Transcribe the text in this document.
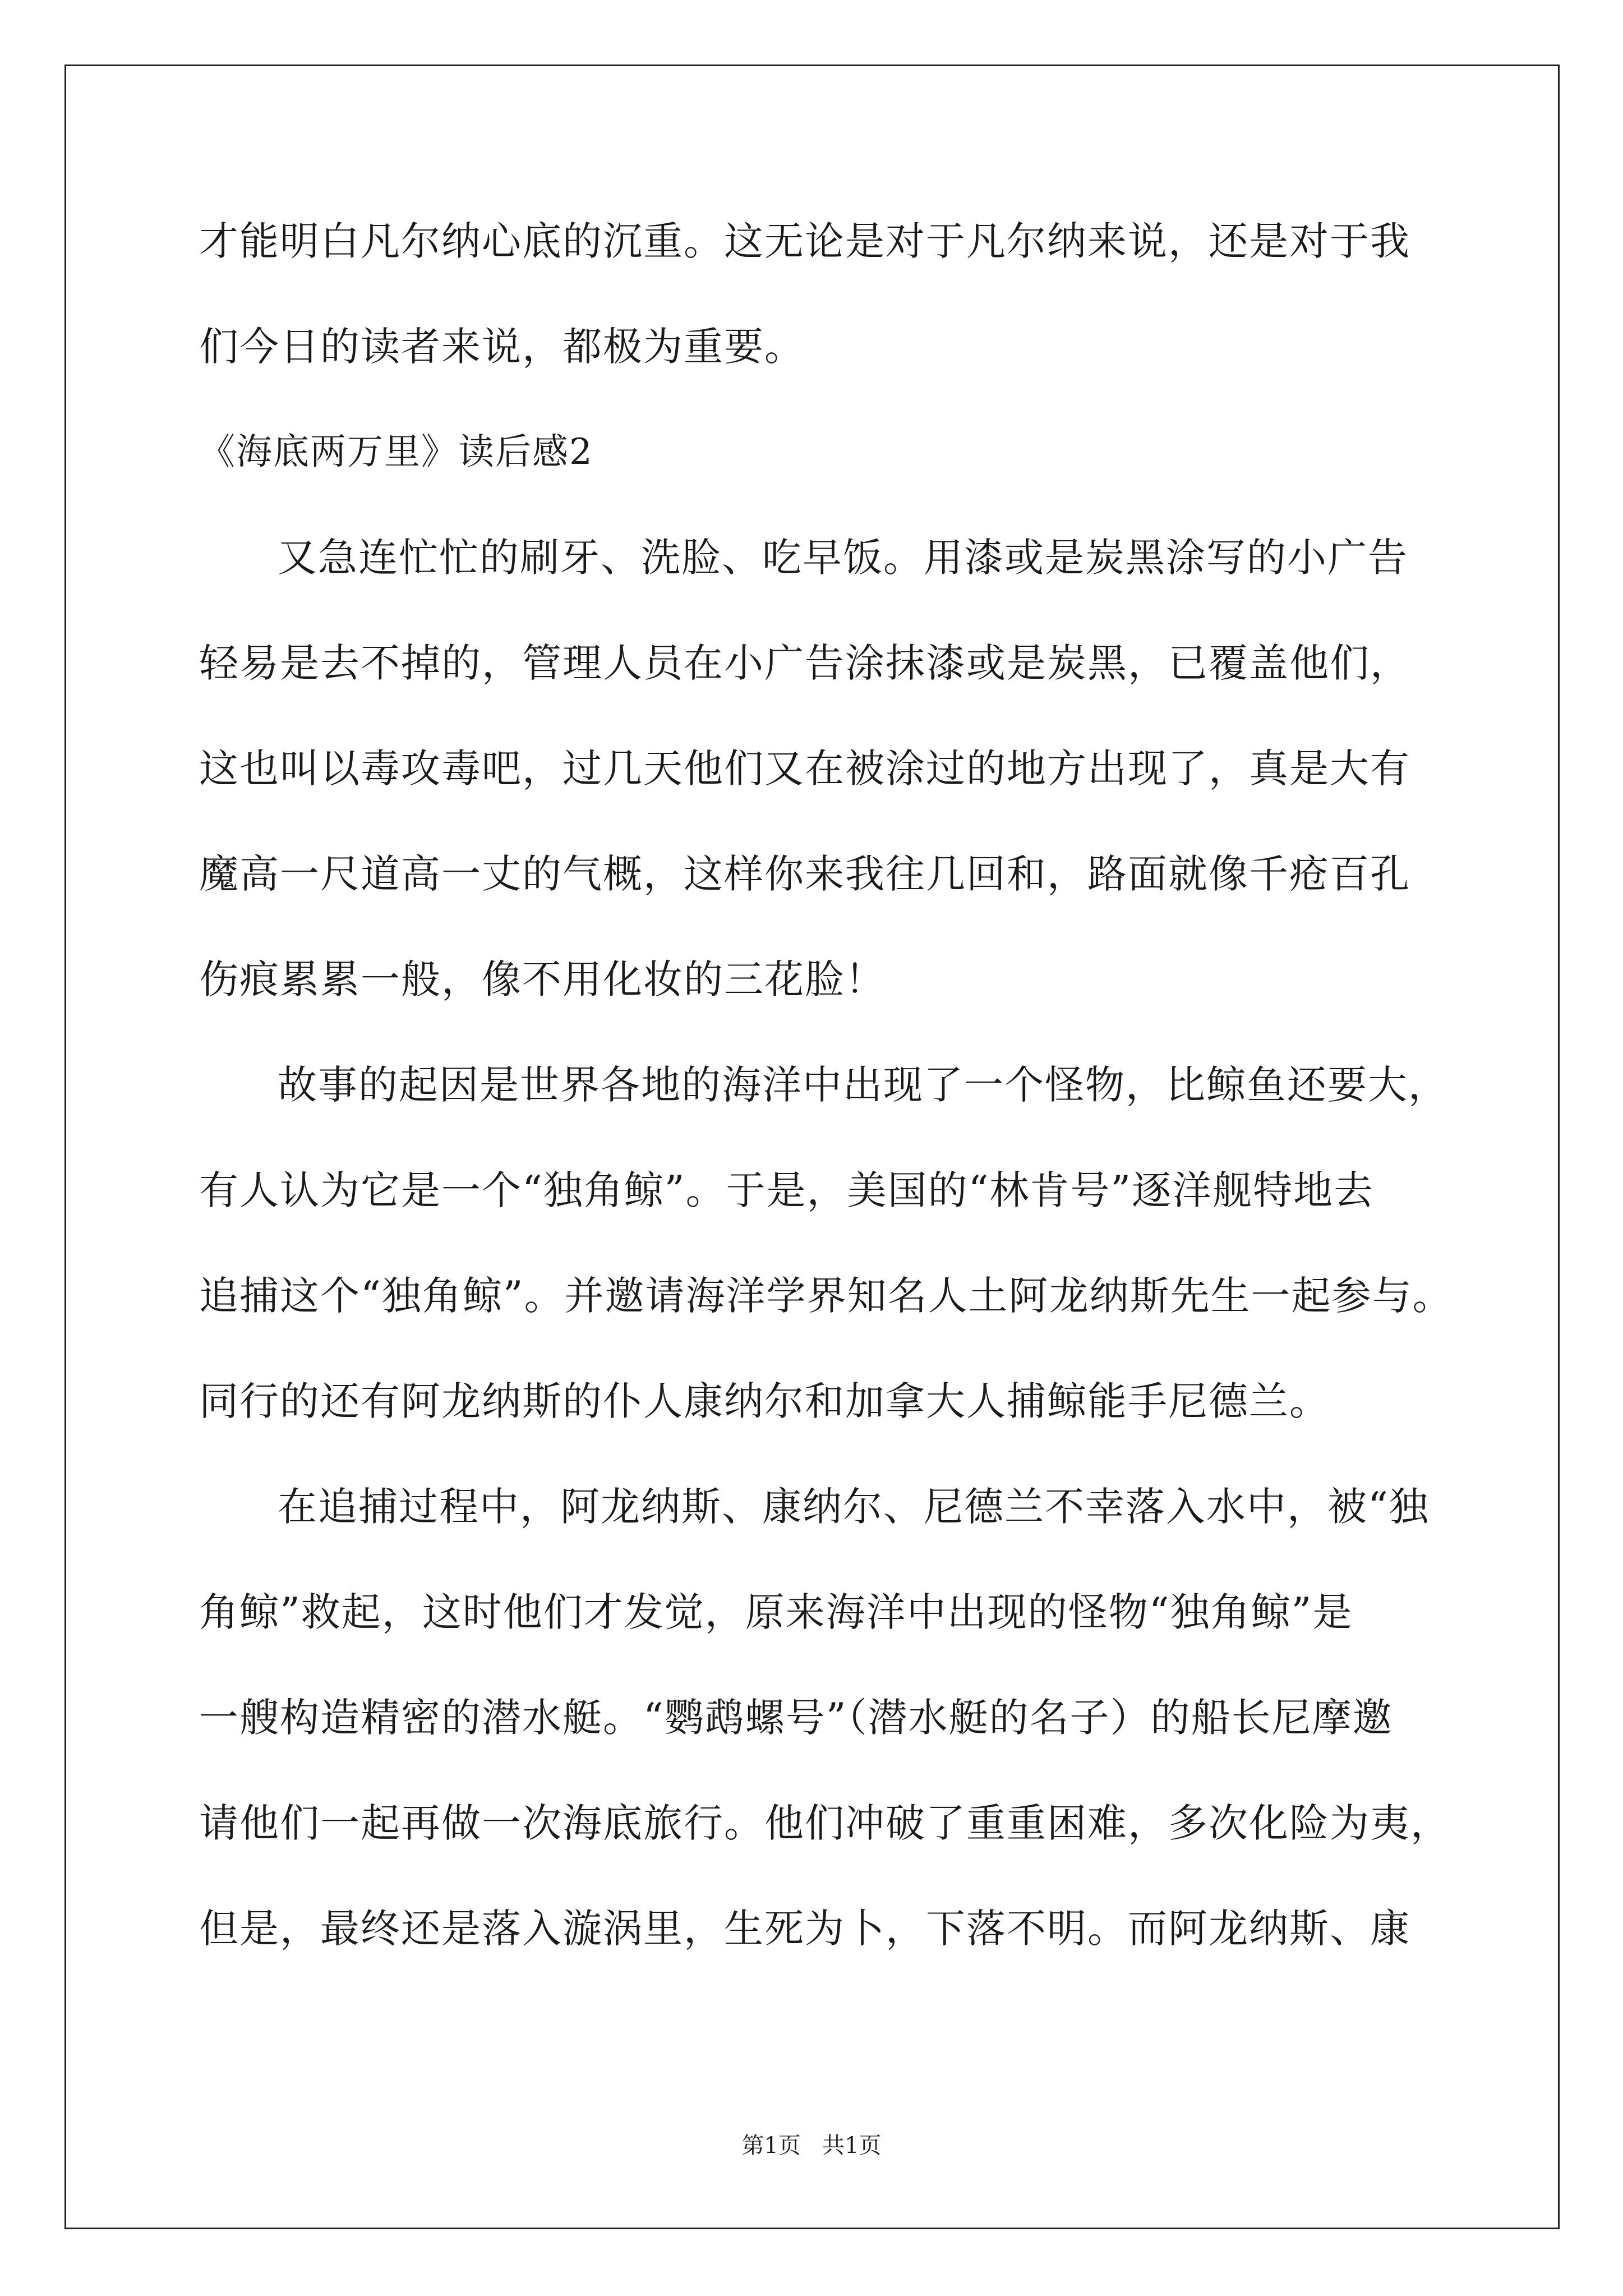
才能明白凡尔纳心底的沉重。这无论是对于凡尔纳来说，还是对于我
们今日的读者来说，都极为重要。
《海底两万里》读后感2
又急连忙忙的刷牙、洗脸、吃早饭。用漆或是炭黑涂写的小广告
轻易是去不掉的，管理人员在小广告涂抹漆或是炭黑，已覆盖他们，
这也叫以毒攻毒吧，过几天他们又在被涂过的地方出现了，真是大有
魔高一尺道高一丈的气概，这样你来我往几回和，路面就像千疮百孔
伤痕累累一般，像不用化妆的三花脸！
故事的起因是世界各地的海洋中出现了一个怪物，比鲸鱼还要大，
有人认为它是一个“独角鲸”。于是，美国的“林肯号”逐洋舰特地去
追捕这个“独角鲸”。并邀请海洋学界知名人土阿龙纳斯先生一起参与。
同行的还有阿龙纳斯的仆人康纳尔和加拿大人捕鲸能手尼德兰。
在追捕过程中，阿龙纳斯、康纳尔、尼德兰不幸落入水中，被“独
角鲸”救起，这时他们才发觉，原来海洋中出现的怪物“独角鲸”是
一艘构造精密的潜水艇。“鹦鹉螺号”（潜水艇的名子）的船长尼摩邀
请他们一起再做一次海底旅行。他们冲破了重重困难，多次化险为夷，
但是，最终还是落入漩涡里，生死为卜，下落不明。而阿龙纳斯、康
第1页   共1页
